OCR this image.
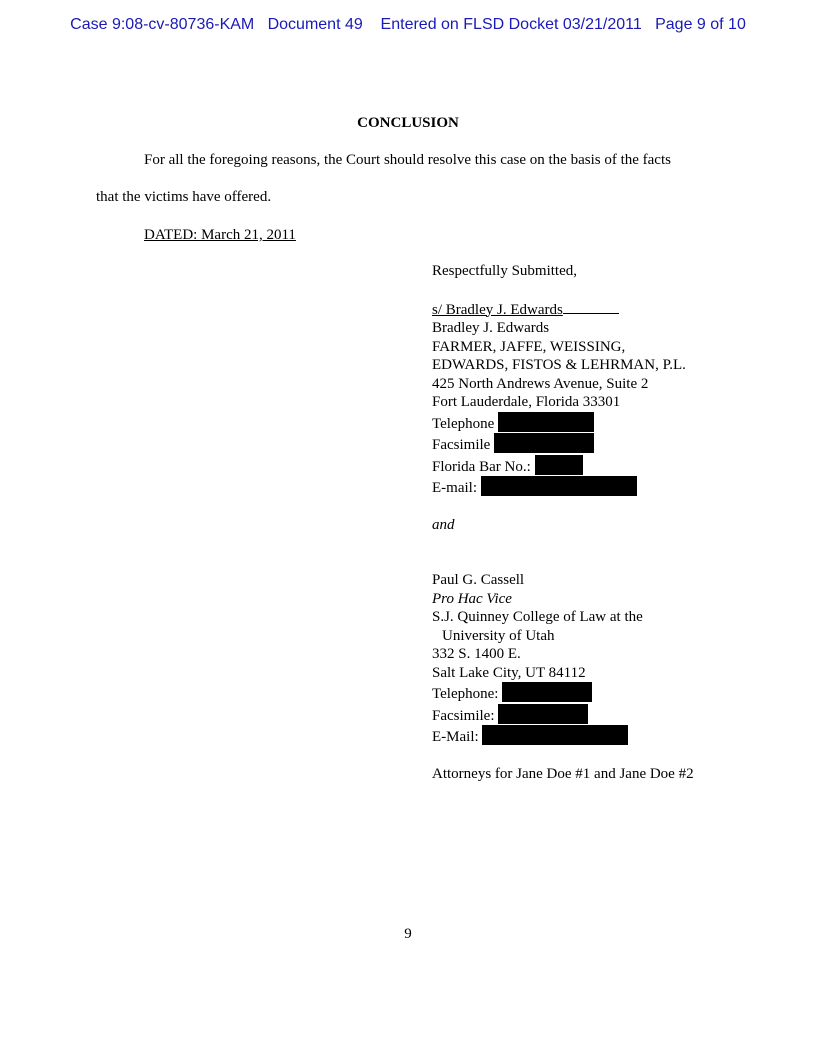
Case 9:08-cv-80736-KAM Document 49 Entered on FLSD Docket 03/21/2011 Page 9 of 10
CONCLUSION
For all the foregoing reasons, the Court should resolve this case on the basis of the facts
that the victims have offered.
DATED: March 21, 2011
Respectfully Submitted,
s/ Bradley J. Edwards
Bradley J. Edwards
FARMER, JAFFE, WEISSING,
EDWARDS, FISTOS & LEHRMAN, P.L.
425 North Andrews Avenue, Suite 2
Fort Lauderdale, Florida 33301
Telephone
Facsimile
Florida Bar No.:
E-mail:
and
Paul G. Cassell
Pro Hac Vice
S.J. Quinney College of Law at the
University of Utah
332 S. 1400 E.
Salt Lake City, UT 84112
Telephone:
Facsimile:
E-Mail:
Attorneys for Jane Doe #1 and Jane Doe #2
9
